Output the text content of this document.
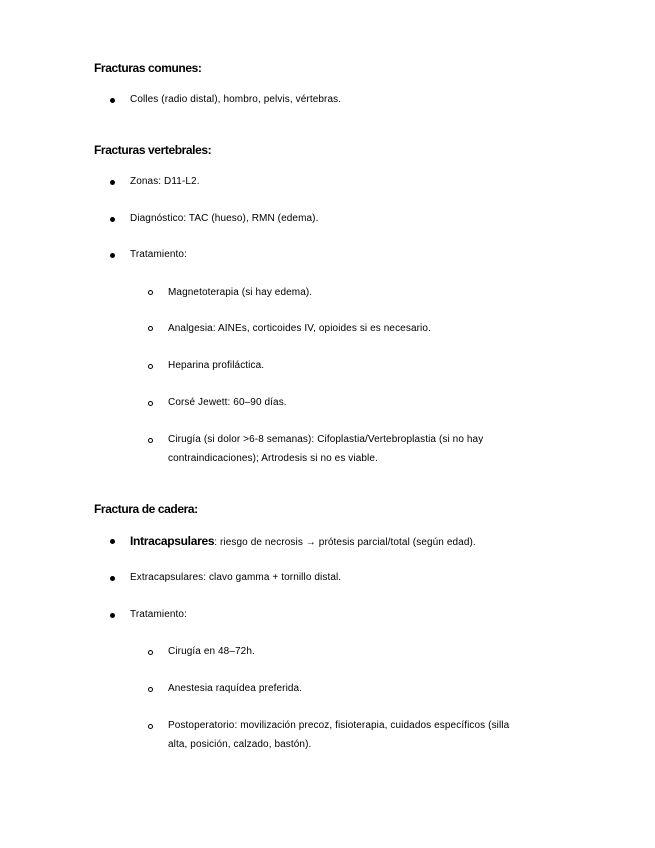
Fracturas comunes:
Colles (radio distal), hombro, pelvis, vértebras.
Fracturas vertebrales:
Zonas: D11-L2.
Diagnóstico: TAC (hueso), RMN (edema).
Tratamiento:
Magnetoterapia (si hay edema).
Analgesia: AINEs, corticoides IV, opioides si es necesario.
Heparina profiláctica.
Corsé Jewett: 60–90 días.
Cirugía (si dolor >6-8 semanas): Cifoplastia/Vertebroplastia (si no hay
contraindicaciones); Artrodesis si no es viable.
Fractura de cadera:
Intracapsulares: riesgo de necrosis → prótesis parcial/total (según edad).
Extracapsulares: clavo gamma + tornillo distal.
Tratamiento:
Cirugía en 48–72h.
Anestesia raquídea preferida.
Postoperatorio: movilización precoz, fisioterapia, cuidados específicos (silla
alta, posición, calzado, bastón).
